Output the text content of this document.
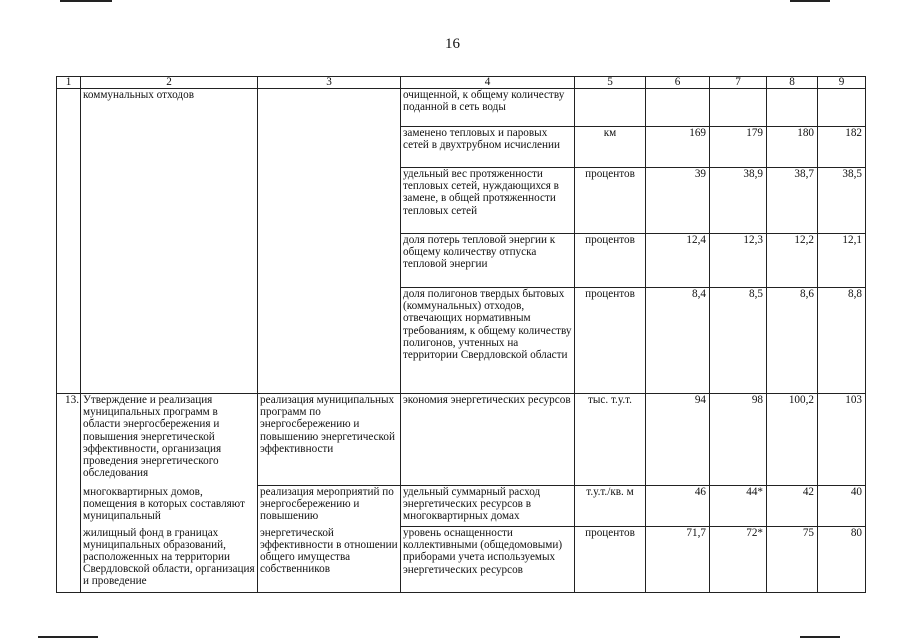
16
1	2	3	4	5	6	7	8	9
	коммунальных отходов		очищенной, к общему количеству поданной в сеть воды					
			заменено тепловых и паровых сетей в двухтрубном исчислении	км	169	179	180	182
			удельный вес протяженности тепловых сетей, нуждающихся в замене, в общей протяженности тепловых сетей	процентов	39	38,9	38,7	38,5
			доля потерь тепловой энергии к общему количеству отпуска тепловой энергии	процентов	12,4	12,3	12,2	12,1
			доля полигонов твердых бытовых (коммунальных) отходов, отвечающих нормативным требованиям, к общему количеству полигонов, учтенных на территории Свердловской области	процентов	8,4	8,5	8,6	8,8
13.	Утверждение и реализация муниципальных программ в области энергосбережения и повышения энергетической эффективности, организация проведения энергетического обследования	реализация муниципальных программ по энергосбережению и повышению энергетической эффективности	экономия энергетических ресурсов	тыс. т.у.т.	94	98	100,2	103
	многоквартирных домов, помещения в которых составляют муниципальный	реализация мероприятий по энергосбережению и повышению	удельный суммарный расход энергетических ресурсов в многоквартирных домах	т.у.т./кв. м	46	44*	42	40
	жилищный фонд в границах муниципальных образований, расположенных на территории Свердловской области, организация и проведение	энергетической эффективности в отношении общего имущества собственников	уровень оснащенности коллективными (общедомовыми) приборами учета используемых энергетических ресурсов	процентов	71,7	72*	75	80
